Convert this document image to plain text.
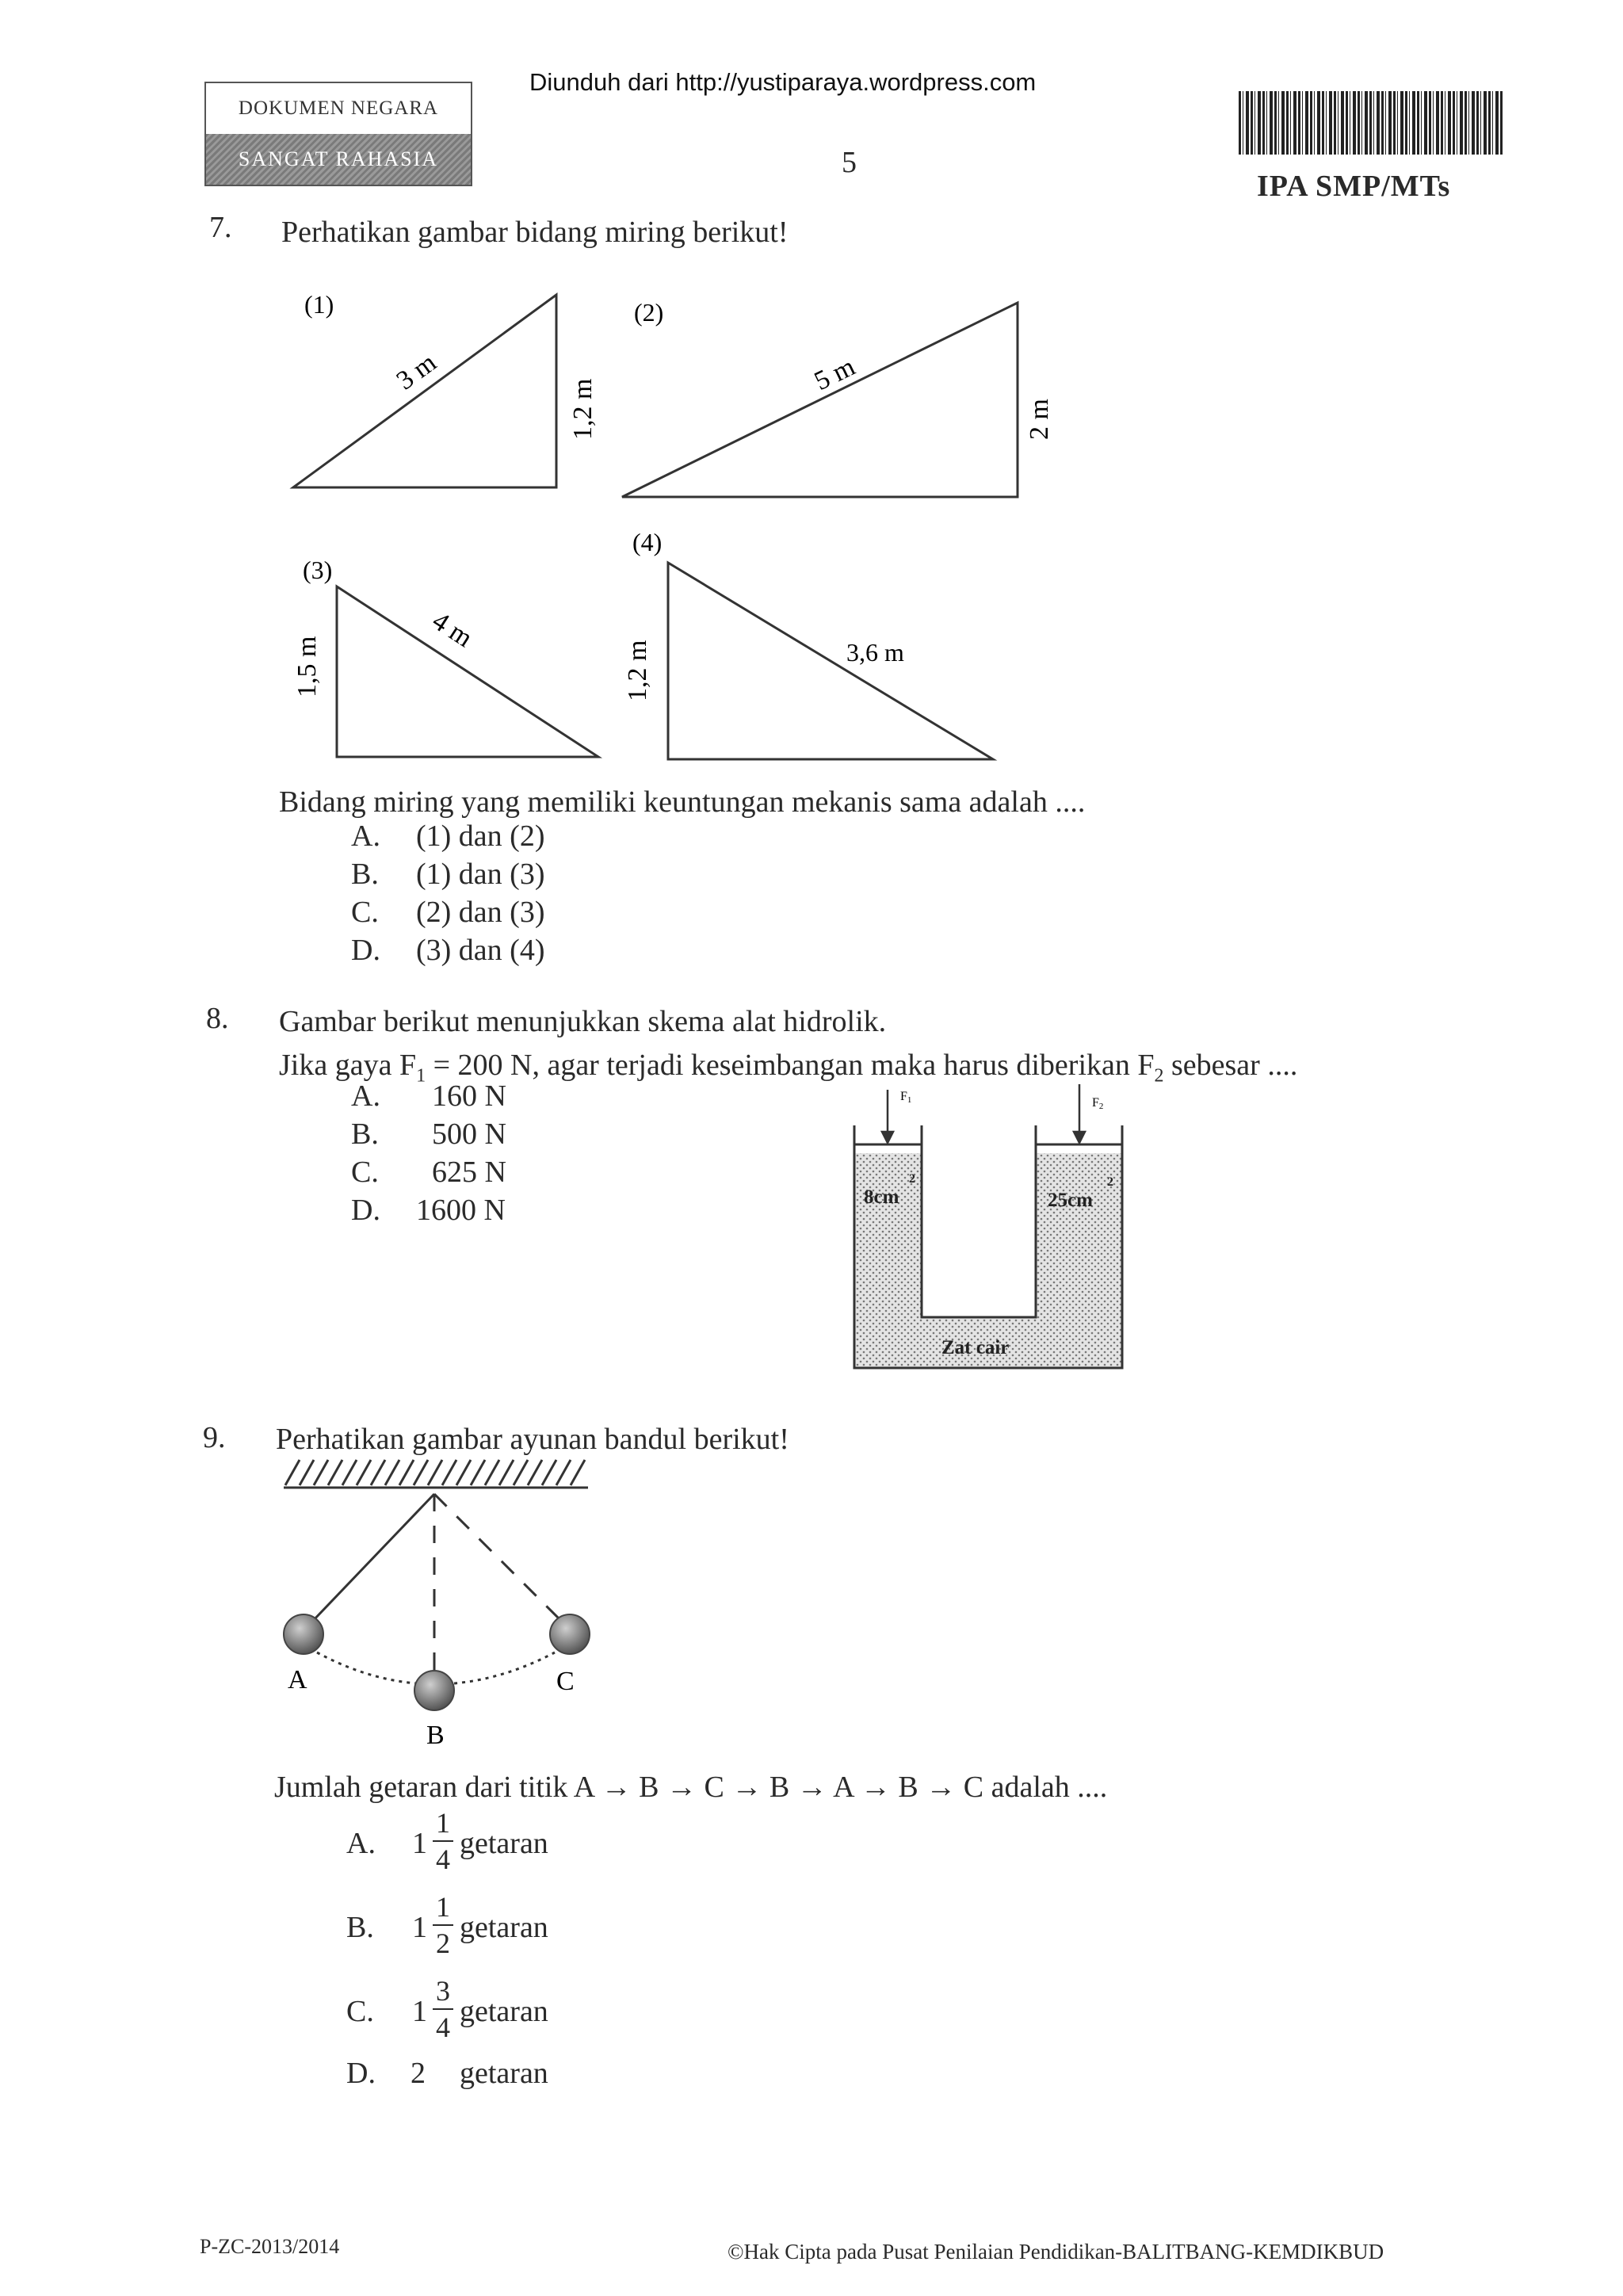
DOKUMEN NEGARA
SANGAT RAHASIA
Diunduh dari http://yustiparaya.wordpress.com
5
IPA SMP/MTs
7. Perhatikan gambar bidang miring berikut!
(1)
3 m
1,2 m
(2)
5 m
2 m
(3)
4 m
1,5 m
(4)
3,6 m
1,2 m
Bidang miring yang memiliki keuntungan mekanis sama adalah ....
A. (1) dan (2)
B. (1) dan (3)
C. (2) dan (3)
D. (3) dan (4)
8. Gambar berikut menunjukkan skema alat hidrolik.
Jika gaya $F_1 = 200$ N, agar terjadi keseimbangan maka harus diberikan $F_2$ sebesar ....
A. 160 N
B. 500 N
C. 625 N
D. 1600 N
F1	F2
8cm
2
25cm
2
Zat cair
9. Perhatikan gambar ayunan bandul berikut!
A
B
C
Jumlah getaran dari titik A → B → C → B → A → B → C adalah ....
A. $1 \frac{1}{4}$ getaran
B. $1 \frac{1}{2}$ getaran
C. $1 \frac{3}{4}$ getaran
D. 2 getaran
P-ZC-2013/2014	©Hak Cipta pada Pusat Penilaian Pendidikan-BALITBANG-KEMDIKBUD
